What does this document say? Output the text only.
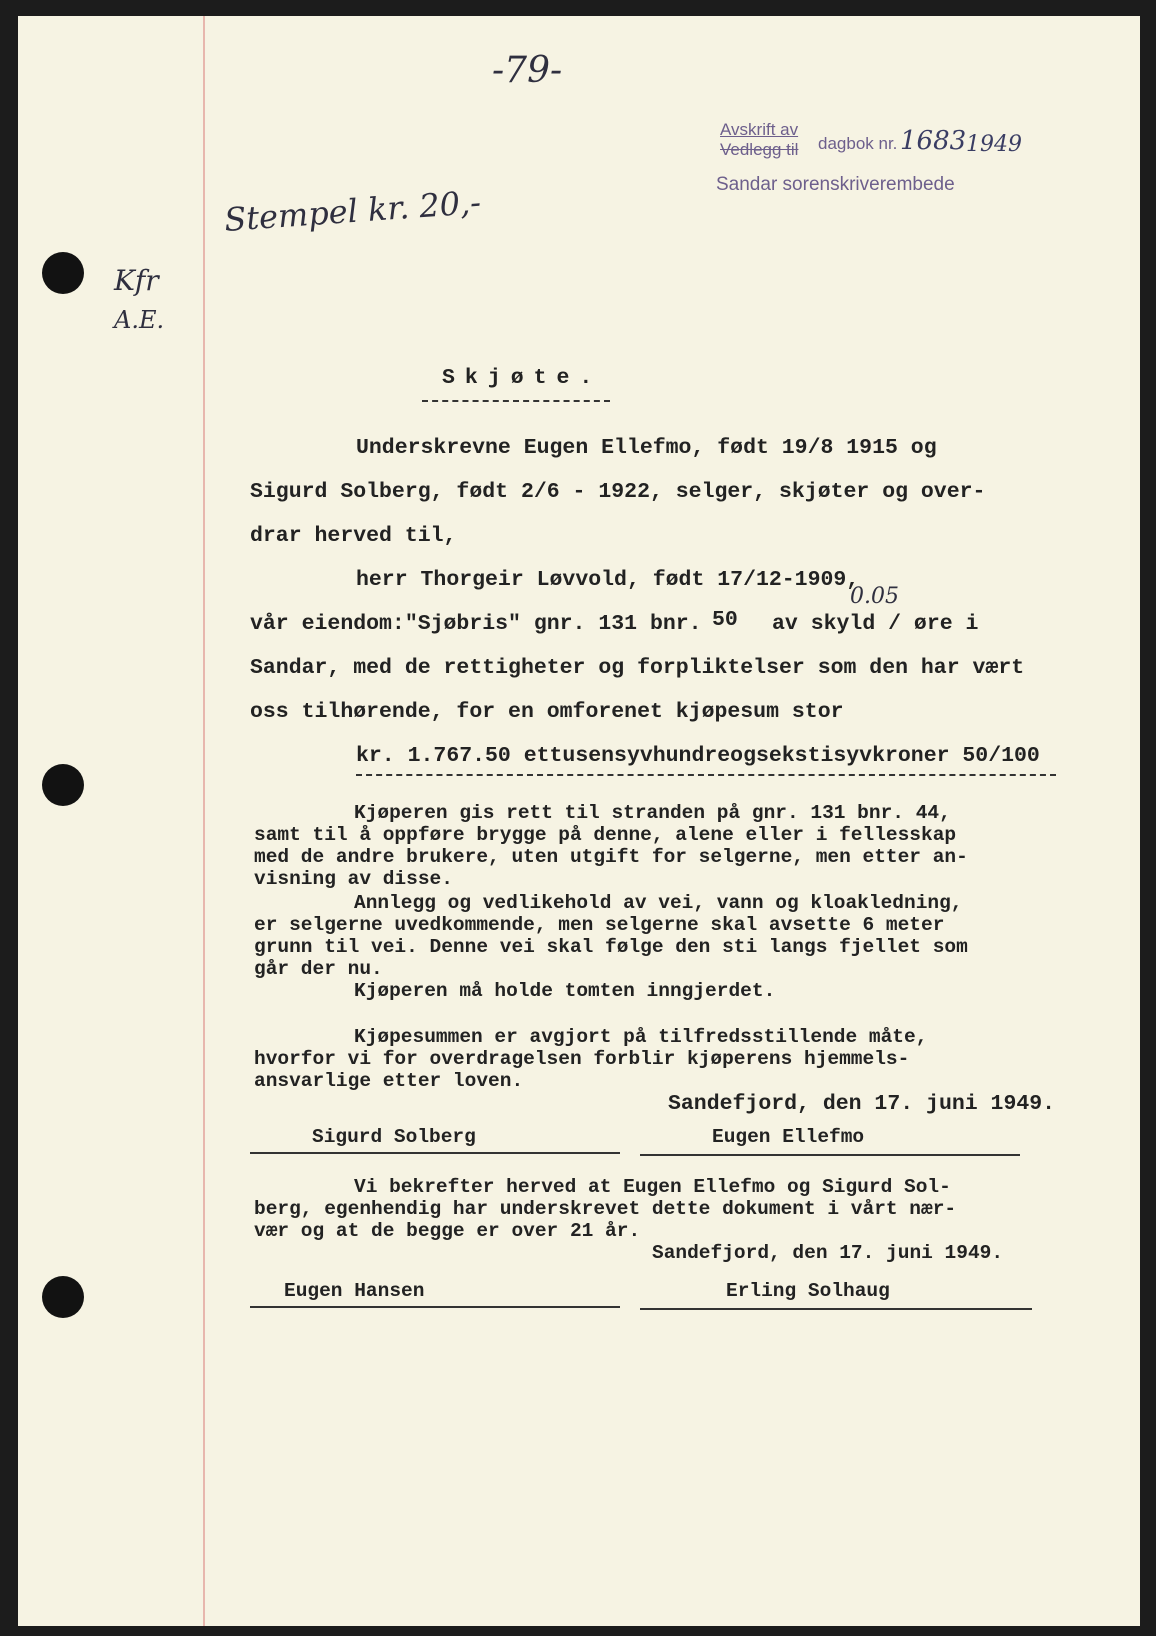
-79-
Avskrift av
Vedlegg til dagbok nr. 1683 1949
Sandar sorenskriverembede
Stempel kr. 20,-
Kfr
A.E.
Skjøte.
Underskrevne Eugen Ellefmo, født 19/8 1915 og
Sigurd Solberg, født 2/6 - 1922, selger, skjøter og over-
drar herved til,
herr Thorgeir Løvvold, født 17/12-1909,
0.05
vår eiendom:"Sjøbris" gnr. 131 bnr. 50 av skyld / øre i
Sandar, med de rettigheter og forpliktelser som den har vært
oss tilhørende, for en omforenet kjøpesum stor
kr. 1.767.50 ettusensyvhundreogsekstisyvkroner 50/100
Kjøperen gis rett til stranden på gnr. 131 bnr. 44,
samt til å oppføre brygge på denne, alene eller i fellesskap
med de andre brukere, uten utgift for selgerne, men etter an-
visning av disse.
Annlegg og vedlikehold av vei, vann og kloakledning,
er selgerne uvedkommende, men selgerne skal avsette 6 meter
grunn til vei. Denne vei skal følge den sti langs fjellet som
går der nu.
Kjøperen må holde tomten inngjerdet.
Kjøpesummen er avgjort på tilfredsstillende måte,
hvorfor vi for overdragelsen forblir kjøperens hjemmels-
ansvarlige etter loven.
Sandefjord, den 17. juni 1949.
Sigurd Solberg	Eugen Ellefmo
Vi bekrefter herved at Eugen Ellefmo og Sigurd Sol-
berg, egenhendig har underskrevet dette dokument i vårt nær-
vær og at de begge er over 21 år.
Sandefjord, den 17. juni 1949.
Eugen Hansen	Erling Solhaug
